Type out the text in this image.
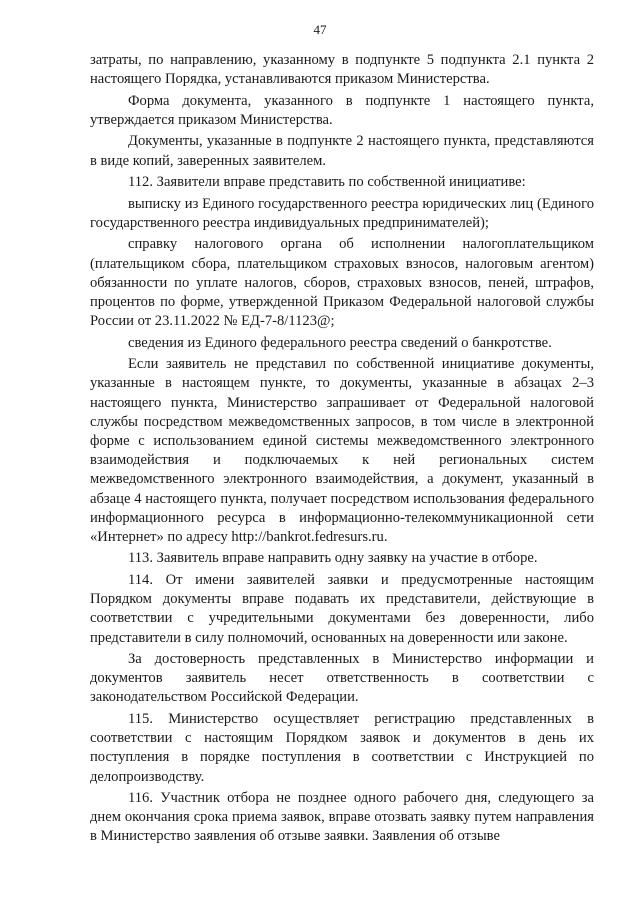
47

затраты, по направлению, указанному в подпункте 5 подпункта 2.1 пункта 2 настоящего Порядка, устанавливаются приказом Министерства.

Форма документа, указанного в подпункте 1 настоящего пункта, утверждается приказом Министерства.

Документы, указанные в подпункте 2 настоящего пункта, представляются в виде копий, заверенных заявителем.

112. Заявители вправе представить по собственной инициативе:

выписку из Единого государственного реестра юридических лиц (Единого государственного реестра индивидуальных предпринимателей);

справку налогового органа об исполнении налогоплательщиком (плательщиком сбора, плательщиком страховых взносов, налоговым агентом) обязанности по уплате налогов, сборов, страховых взносов, пеней, штрафов, процентов по форме, утвержденной Приказом Федеральной налоговой службы России от 23.11.2022 № ЕД-7-8/1123@;

сведения из Единого федерального реестра сведений о банкротстве.

Если заявитель не представил по собственной инициативе документы, указанные в настоящем пункте, то документы, указанные в абзацах 2–3 настоящего пункта, Министерство запрашивает от Федеральной налоговой службы посредством межведомственных запросов, в том числе в электронной форме с использованием единой системы межведомственного электронного взаимодействия и подключаемых к ней региональных систем межведомственного электронного взаимодействия, а документ, указанный в абзаце 4 настоящего пункта, получает посредством использования федерального информационного ресурса в информационно-телекоммуникационной сети «Интернет» по адресу http://bankrot.fedresurs.ru.

113. Заявитель вправе направить одну заявку на участие в отборе.

114. От имени заявителей заявки и предусмотренные настоящим Порядком документы вправе подавать их представители, действующие в соответствии с учредительными документами без доверенности, либо представители в силу полномочий, основанных на доверенности или законе.

За достоверность представленных в Министерство информации и документов заявитель несет ответственность в соответствии с законодательством Российской Федерации.

115. Министерство осуществляет регистрацию представленных в соответствии с настоящим Порядком заявок и документов в день их поступления в порядке поступления в соответствии с Инструкцией по делопроизводству.

116. Участник отбора не позднее одного рабочего дня, следующего за днем окончания срока приема заявок, вправе отозвать заявку путем направления в Министерство заявления об отзыве заявки. Заявления об отзыве
